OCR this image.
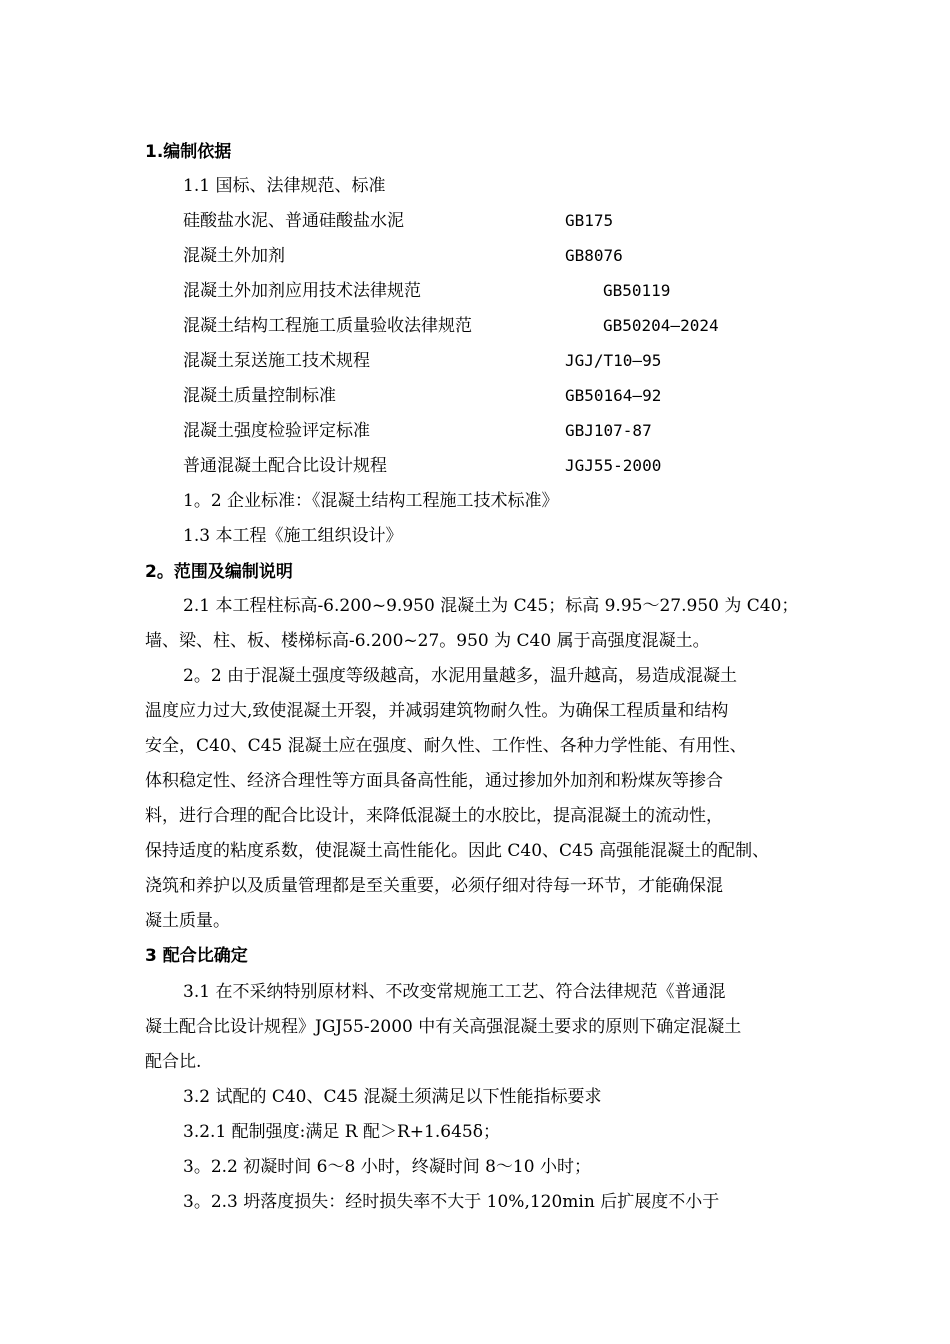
1.编制依据
1.1 国标、法律规范、标准
硅酸盐水泥、普通硅酸盐水泥	GB175
混凝土外加剂	GB8076
混凝土外加剂应用技术法律规范	GB50119
混凝土结构工程施工质量验收法律规范	GB50204—2024
混凝土泵送施工技术规程	JGJ/T10—95
混凝土质量控制标准	GB50164—92
混凝土强度检验评定标准	GBJ107-87
普通混凝土配合比设计规程	JGJ55-2000
1。2 企业标准：《混凝土结构工程施工技术标准》
1.3 本工程《施工组织设计》
2。范围及编制说明
2.1 本工程柱标高-6.200~9.950 混凝土为 C45；标高 9.95～27.950 为 C40；
墙、梁、柱、板、楼梯标高-6.200~27。950 为 C40 属于高强度混凝土。
2。2 由于混凝土强度等级越高，水泥用量越多，温升越高，易造成混凝土
温度应力过大,致使混凝土开裂，并减弱建筑物耐久性。为确保工程质量和结构
安全，C40、C45 混凝土应在强度、耐久性、工作性、各种力学性能、有用性、
体积稳定性、经济合理性等方面具备高性能，通过掺加外加剂和粉煤灰等掺合
料，进行合理的配合比设计，来降低混凝土的水胶比，提高混凝土的流动性，
保持适度的粘度系数，使混凝土高性能化。因此 C40、C45 高强能混凝土的配制、
浇筑和养护以及质量管理都是至关重要，必须仔细对待每一环节，才能确保混
凝土质量。
3 配合比确定
3.1 在不采纳特别原材料、不改变常规施工工艺、符合法律规范《普通混
凝土配合比设计规程》JGJ55-2000 中有关高强混凝土要求的原则下确定混凝土
配合比.
3.2 试配的 C40、C45 混凝土须满足以下性能指标要求
3.2.1 配制强度:满足 R 配＞R+1.645δ；
3。2.2 初凝时间 6～8 小时，终凝时间 8～10 小时；
3。2.3 坍落度损失：经时损失率不大于 10%,120min 后扩展度不小于
